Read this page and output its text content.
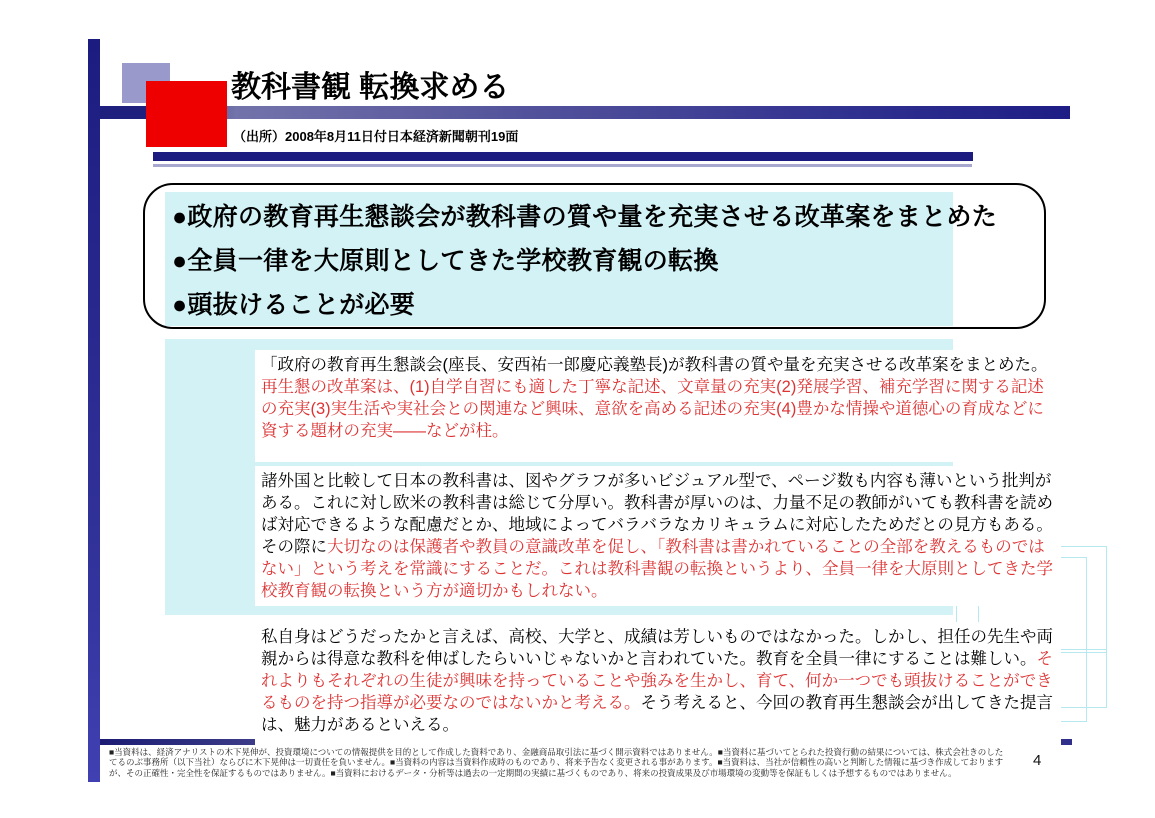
教科書観 転換求める
（出所）2008年8月11日付日本経済新聞朝刊19面
●政府の教育再生懇談会が教科書の質や量を充実させる改革案をまとめた
●全員一律を大原則としてきた学校教育観の転換
●頭抜けることが必要
「政府の教育再生懇談会(座長、安西祐一郎慶応義塾長)が教科書の質や量を充実させる改革案をまとめた。再生懇の改革案は、(1)自学自習にも適した丁寧な記述、文章量の充実(2)発展学習、補充学習に関する記述の充実(3)実生活や実社会との関連など興味、意欲を高める記述の充実(4)豊かな情操や道徳心の育成などに資する題材の充実――などが柱。
諸外国と比較して日本の教科書は、図やグラフが多いビジュアル型で、ページ数も内容も薄いという批判がある。これに対し欧米の教科書は総じて分厚い。教科書が厚いのは、力量不足の教師がいても教科書を読めば対応できるような配慮だとか、地域によってバラバラなカリキュラムに対応したためだとの見方もある。その際に大切なのは保護者や教員の意識改革を促し、「教科書は書かれていることの全部を教えるものではない」という考えを常識にすることだ。これは教科書観の転換というより、全員一律を大原則としてきた学校教育観の転換という方が適切かもしれない。
私自身はどうだったかと言えば、高校、大学と、成績は芳しいものではなかった。しかし、担任の先生や両親からは得意な教科を伸ばしたらいいじゃないかと言われていた。教育を全員一律にすることは難しい。それよりもそれぞれの生徒が興味を持っていることや強みを生かし、育て、何か一つでも頭抜けることができるものを持つ指導が必要なのではないかと考える。そう考えると、今回の教育再生懇談会が出してきた提言は、魅力があるといえる。
■当資料は、経済アナリストの木下晃伸が、投資環境についての情報提供を目的として作成した資料であり、金融商品取引法に基づく開示資料ではありません。■当資料に基づいてとられた投資行動の結果については、株式会社きのした
てるのぶ事務所（以下当社）ならびに木下晃伸は一切責任を負いません。■当資料の内容は当資料作成時のものであり、将来予告なく変更される事があります。■当資料は、当社が信頼性の高いと判断した情報に基づき作成しております
が、その正確性・完全性を保証するものではありません。■当資料におけるデータ・分析等は過去の一定期間の実績に基づくものであり、将来の投資成果及び市場環境の変動等を保証もしくは予想するものではありません。
4
